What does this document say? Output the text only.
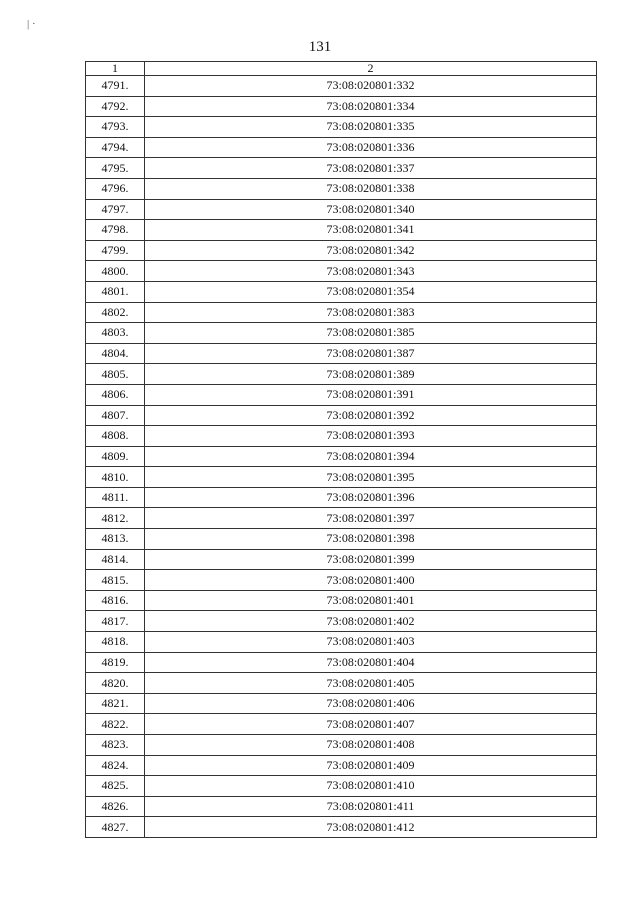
| ·
131
1	2
4791.	73:08:020801:332
4792.	73:08:020801:334
4793.	73:08:020801:335
4794.	73:08:020801:336
4795.	73:08:020801:337
4796.	73:08:020801:338
4797.	73:08:020801:340
4798.	73:08:020801:341
4799.	73:08:020801:342
4800.	73:08:020801:343
4801.	73:08:020801:354
4802.	73:08:020801:383
4803.	73:08:020801:385
4804.	73:08:020801:387
4805.	73:08:020801:389
4806.	73:08:020801:391
4807.	73:08:020801:392
4808.	73:08:020801:393
4809.	73:08:020801:394
4810.	73:08:020801:395
4811.	73:08:020801:396
4812.	73:08:020801:397
4813.	73:08:020801:398
4814.	73:08:020801:399
4815.	73:08:020801:400
4816.	73:08:020801:401
4817.	73:08:020801:402
4818.	73:08:020801:403
4819.	73:08:020801:404
4820.	73:08:020801:405
4821.	73:08:020801:406
4822.	73:08:020801:407
4823.	73:08:020801:408
4824.	73:08:020801:409
4825.	73:08:020801:410
4826.	73:08:020801:411
4827.	73:08:020801:412
